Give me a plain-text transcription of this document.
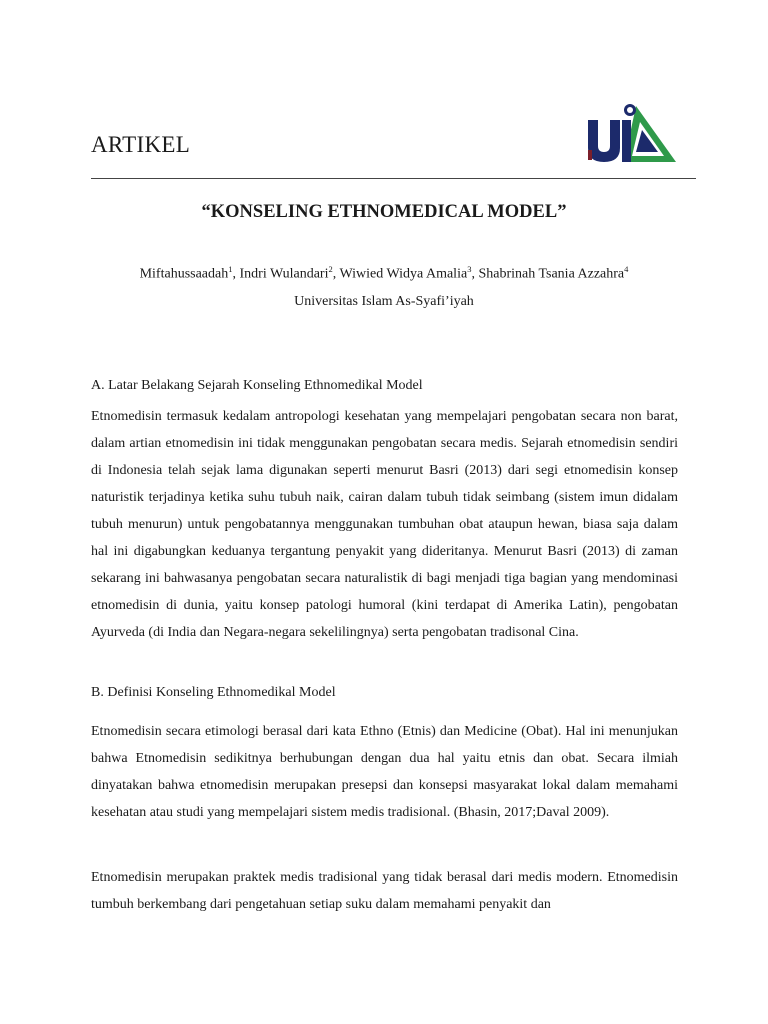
ARTIKEL
“KONSELING ETHNOMEDICAL MODEL”
Miftahussaadah$^1$, Indri Wulandari$^2$, Wiwied Widya Amalia$^3$, Shabrinah Tsania Azzahra$^4$
Universitas Islam As-Syafi’iyah
A. Latar Belakang Sejarah Konseling Ethnomedikal Model

Etnomedisin termasuk kedalam antropologi kesehatan yang mempelajari pengobatan secara non barat, dalam artian etnomedisin ini tidak menggunakan pengobatan secara medis. Sejarah etnomedisin sendiri di Indonesia telah sejak lama digunakan seperti menurut Basri (2013) dari segi etnomedisin konsep naturistik terjadinya ketika suhu tubuh naik, cairan dalam tubuh tidak seimbang (sistem imun didalam tubuh menurun) untuk pengobatannya menggunakan tumbuhan obat ataupun hewan, biasa saja dalam hal ini digabungkan keduanya tergantung penyakit yang dideritanya. Menurut Basri (2013) di zaman sekarang ini bahwasanya pengobatan secara naturalistik di bagi menjadi tiga bagian yang mendominasi etnomedisin di dunia, yaitu konsep patologi humoral (kini terdapat di Amerika Latin), pengobatan Ayurveda (di India dan Negara-negara sekelilingnya) serta pengobatan tradisonal Cina.

B. Definisi Konseling Ethnomedikal Model

Etnomedisin secara etimologi berasal dari kata Ethno (Etnis) dan Medicine (Obat). Hal ini menunjukan bahwa Etnomedisin sedikitnya berhubungan dengan dua hal yaitu etnis dan obat. Secara ilmiah dinyatakan bahwa etnomedisin merupakan presepsi dan konsepsi masyarakat lokal dalam memahami kesehatan atau studi yang mempelajari sistem medis tradisional. (Bhasin, 2017;Daval 2009).

Etnomedisin merupakan praktek medis tradisional yang tidak berasal dari medis modern. Etnomedisin tumbuh berkembang dari pengetahuan setiap suku dalam memahami penyakit dan
